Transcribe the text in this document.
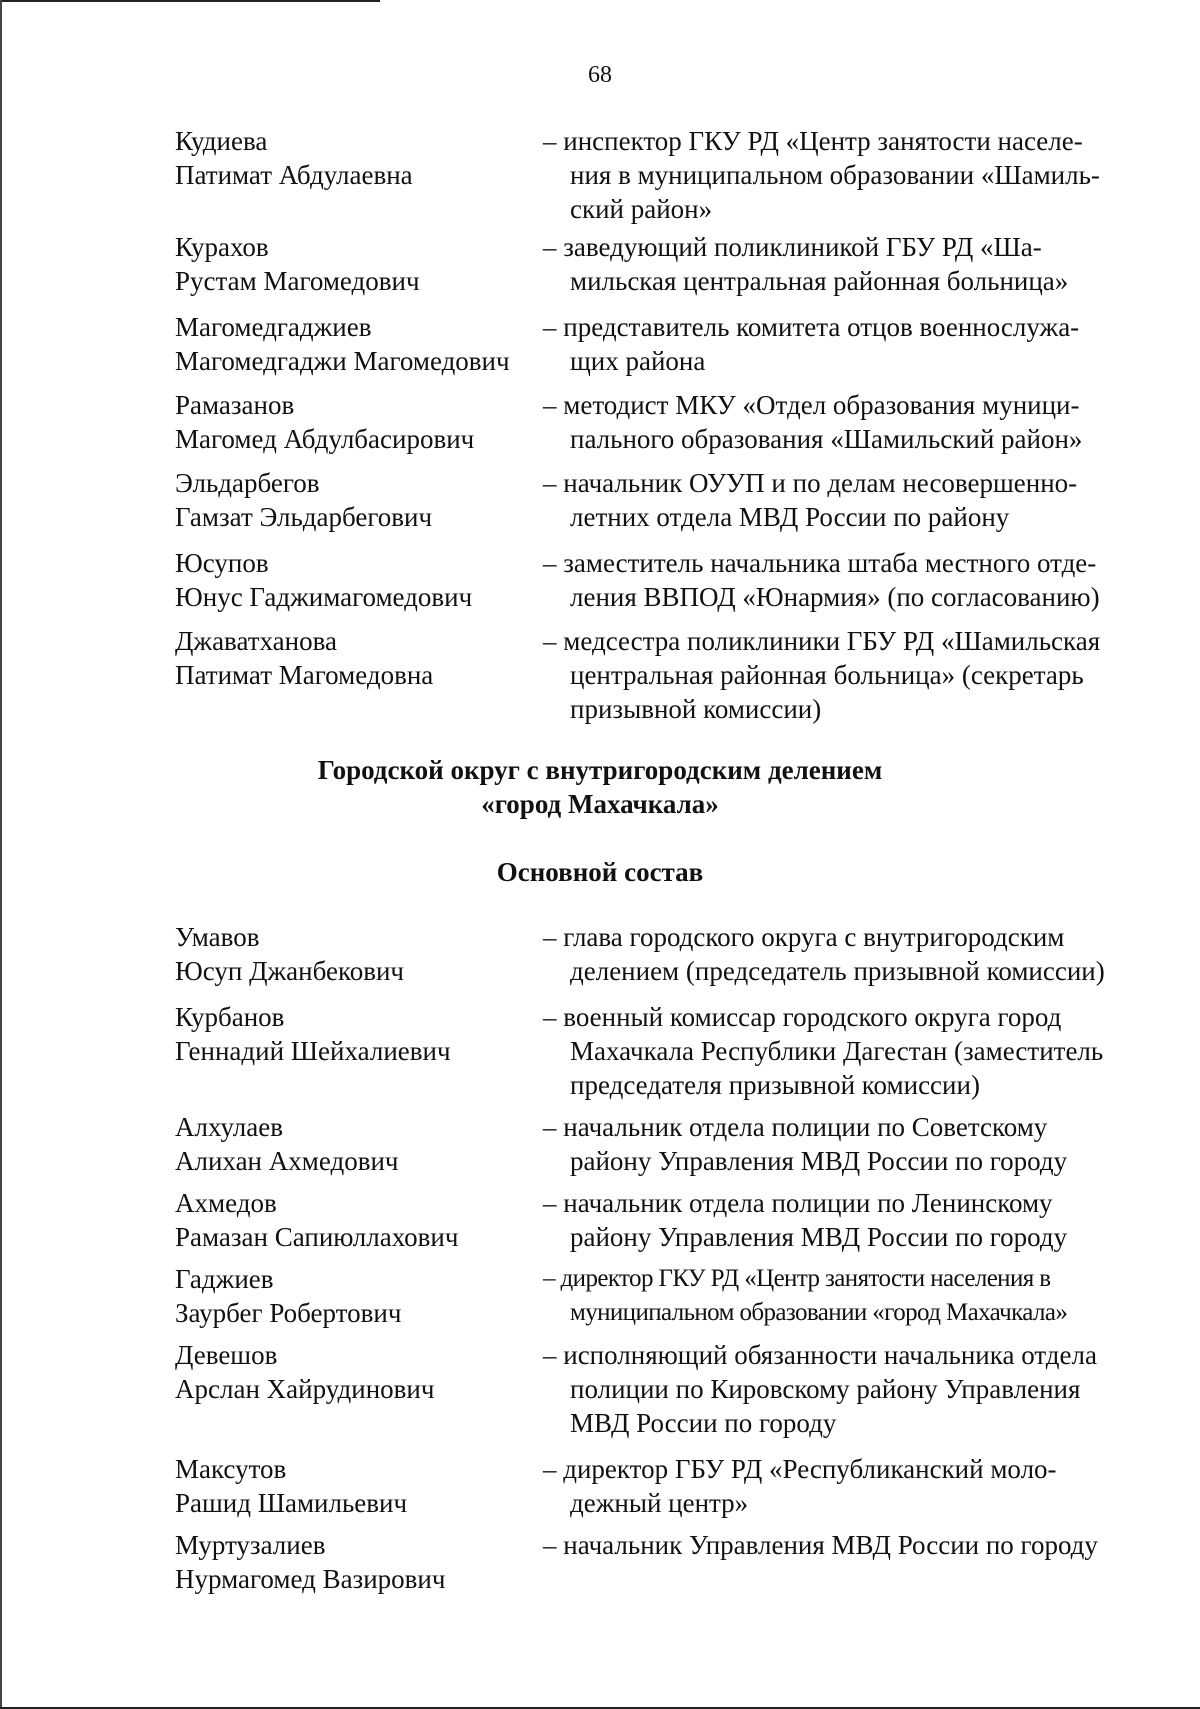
68
Кудиева
Патимат Абдулаевна
– инспектор ГКУ РД «Центр занятости населе-
ния в муниципальном образовании «Шамиль-
ский район»
Курахов
Рустам Магомедович
– заведующий поликлиникой ГБУ РД «Ша-
мильская центральная районная больница»
Магомедгаджиев
Магомедгаджи Магомедович
– представитель комитета отцов военнослужа-
щих района
Рамазанов
Магомед Абдулбасирович
– методист МКУ «Отдел образования муници-
пального образования «Шамильский район»
Эльдарбегов
Гамзат Эльдарбегович
– начальник ОУУП и по делам несовершенно-
летних отдела МВД России по району
Юсупов
Юнус Гаджимагомедович
– заместитель начальника штаба местного отде-
ления ВВПОД «Юнармия» (по согласованию)
Джаватханова
Патимат Магомедовна
– медсестра поликлиники ГБУ РД «Шамильская
центральная районная больница» (секретарь
призывной комиссии)
Городской округ с внутригородским делением
«город Махачкала»
Основной состав
Умавов
Юсуп Джанбекович
– глава городского округа с внутригородским
делением (председатель призывной комиссии)
Курбанов
Геннадий Шейхалиевич
– военный комиссар городского округа город
Махачкала Республики Дагестан (заместитель
председателя призывной комиссии)
Алхулаев
Алихан Ахмедович
– начальник отдела полиции по Советскому
району Управления МВД России по городу
Ахмедов
Рамазан Сапиюллахович
– начальник отдела полиции по Ленинскому
району Управления МВД России по городу
Гаджиев
Заурбег Робертович
– директор ГКУ РД «Центр занятости населения в
муниципальном образовании «город Махачкала»
Девешов
Арслан Хайрудинович
– исполняющий обязанности начальника отдела
полиции по Кировскому району Управления
МВД России по городу
Максутов
Рашид Шамильевич
– директор ГБУ РД «Республиканский моло-
дежный центр»
Муртузалиев
Нурмагомед Вазирович
– начальник Управления МВД России по городу
